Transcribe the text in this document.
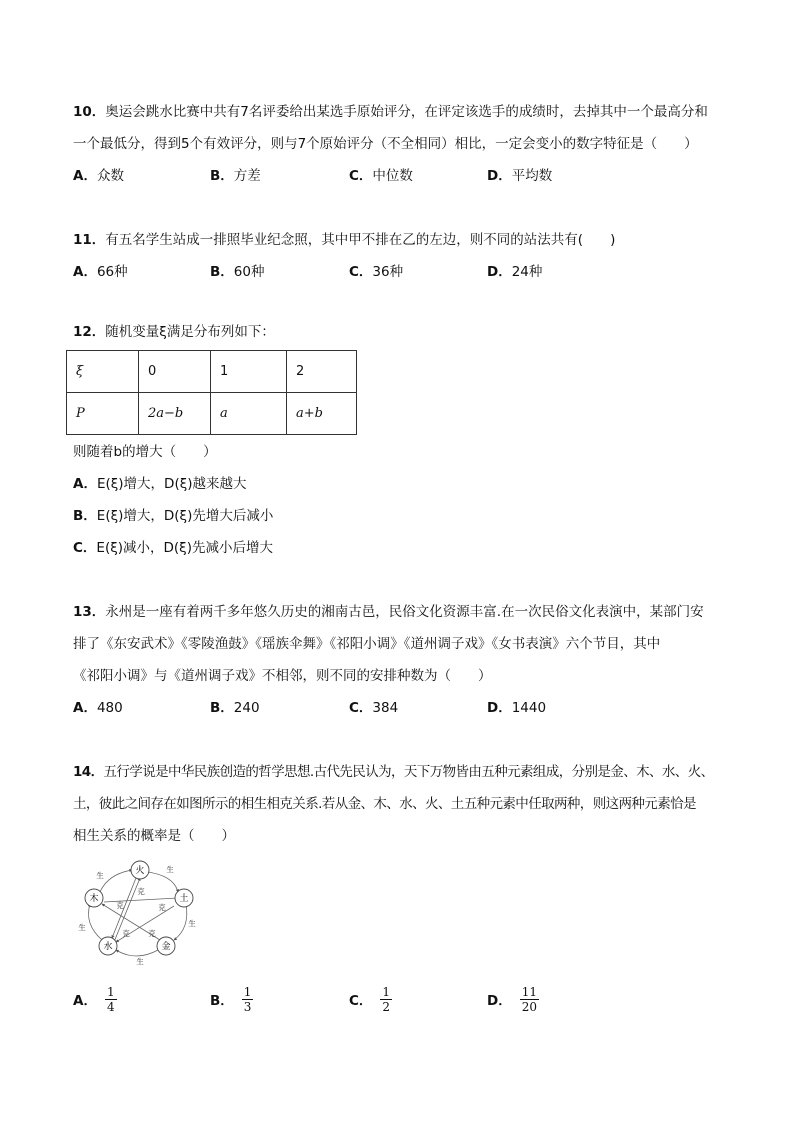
10．奥运会跳水比赛中共有7名评委给出某选手原始评分，在评定该选手的成绩时，去掉其中一个最高分和

一个最低分，得到5个有效评分，则与7个原始评分（不全相同）相比，一定会变小的数字特征是（　　）

A．众数	B．方差	C．中位数	D．平均数

11．有五名学生站成一排照毕业纪念照，其中甲不排在乙的左边，则不同的站法共有(　　)

A．66种	B．60种	C．36种	D．24种

12．随机变量ξ满足分布列如下：

ξ	0	1	2
P	2a−b	a	a+b

则随着b的增大（　　）

A．E(ξ)增大，D(ξ)越来越大

B．E(ξ)增大，D(ξ)先增大后减小

C．E(ξ)减小，D(ξ)先减小后增大

13．永州是一座有着两千多年悠久历史的湘南古邑，民俗文化资源丰富.在一次民俗文化表演中，某部门安

排了《东安武术》《零陵渔鼓》《瑶族伞舞》《祁阳小调》《道州调子戏》《女书表演》六个节目，其中

《祁阳小调》与《道州调子戏》不相邻，则不同的安排种数为（　　）

A．480	B．240	C．384	D．1440

14．五行学说是中华民族创造的哲学思想.古代先民认为，天下万物皆由五种元素组成，分别是金、木、水、火、

土，彼此之间存在如图所示的相生相克关系.若从金、木、水、火、土五种元素中任取两种，则这两种元素恰是

相生关系的概率是（　　）

火
土
金
水
木
生
生
生
生
生
克
克	克
克 克
A． $\frac{1}{4}$	B． $\frac{1}{3}$	C． $\frac{1}{2}$	D． $\frac{11}{20}$
